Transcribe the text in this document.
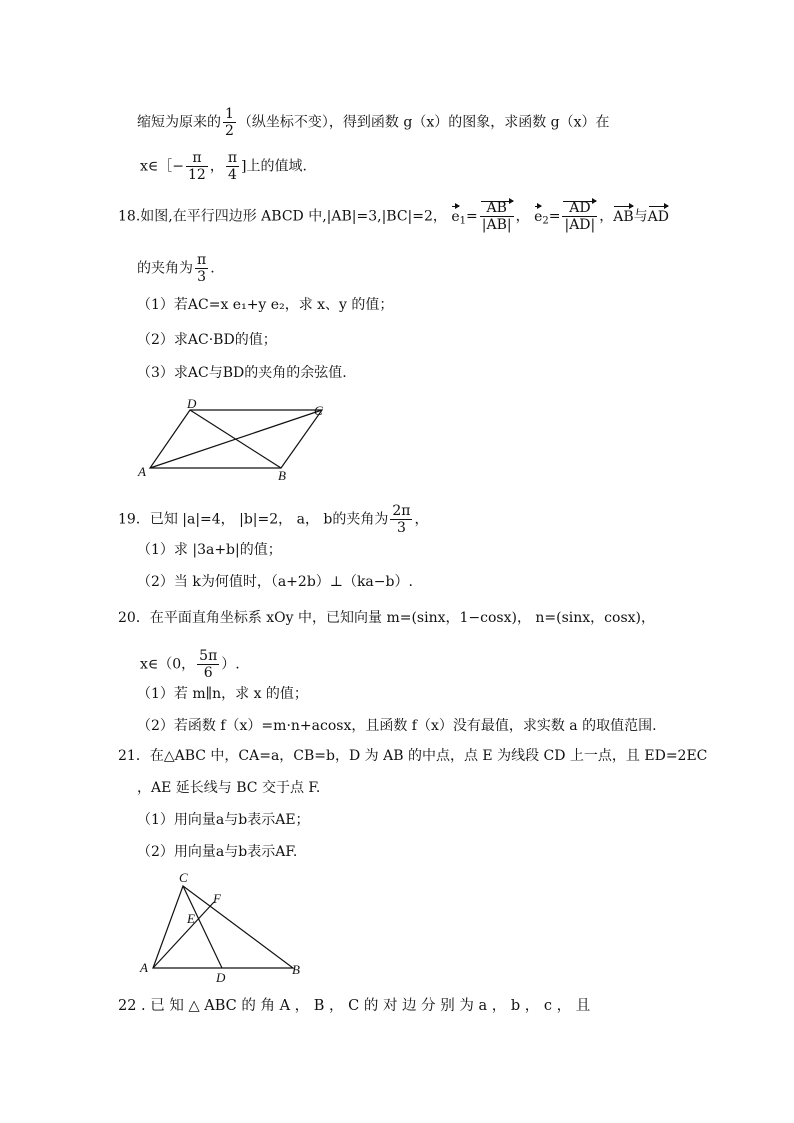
缩短为原来的 $\frac{1}{2}$ （纵坐标不变），得到函数 g（x）的图象，求函数 g（x）在
x∈［− $\frac{\pi}{12}$ ， $\frac{\pi}{4}$ ]上的值域.
18.如图,在平行四边形 ABCD 中,|AB|=3,|BC|=2， $e_1= \frac{AB}{|AB|}$ ， $e_2= \frac{AD}{|AD|}$ ，AB与AD
的夹角为 $\frac{\pi}{3}$ .
（1）若AC=x e₁+y e₂，求 x、y 的值；
（2）求AC·BD的值；
（3）求AC与BD的夹角的余弦值.
A	B
C
D
19．已知 |a|=4， |b|=2， a， b的夹角为 $\frac{2\pi}{3}$ ，
（1）求 |3a+b|的值；
（2）当 k为何值时，（a+2b）⊥（ka−b）.
20．在平面直角坐标系 xOy 中，已知向量 m=(sinx，1−cosx)， n=(sinx，cosx)，
x∈（0， $\frac{5\pi}{6}$ ）.
（1）若 m∥n，求 x 的值；
（2）若函数 f（x）=m·n+acosx，且函数 f（x）没有最值，求实数 a 的取值范围.
21．在△ABC 中，CA=a，CB=b，D 为 AB 的中点，点 E 为线段 CD 上一点，且 ED=2EC
，AE 延长线与 BC 交于点 F.
（1）用向量a与b表示AE；
（2）用向量a与b表示AF.
A	B
C
D
E
F
22 . 已 知 △ ABC 的 角 A ， B ， C 的 对 边 分 别 为 a ， b ， c ， 且
